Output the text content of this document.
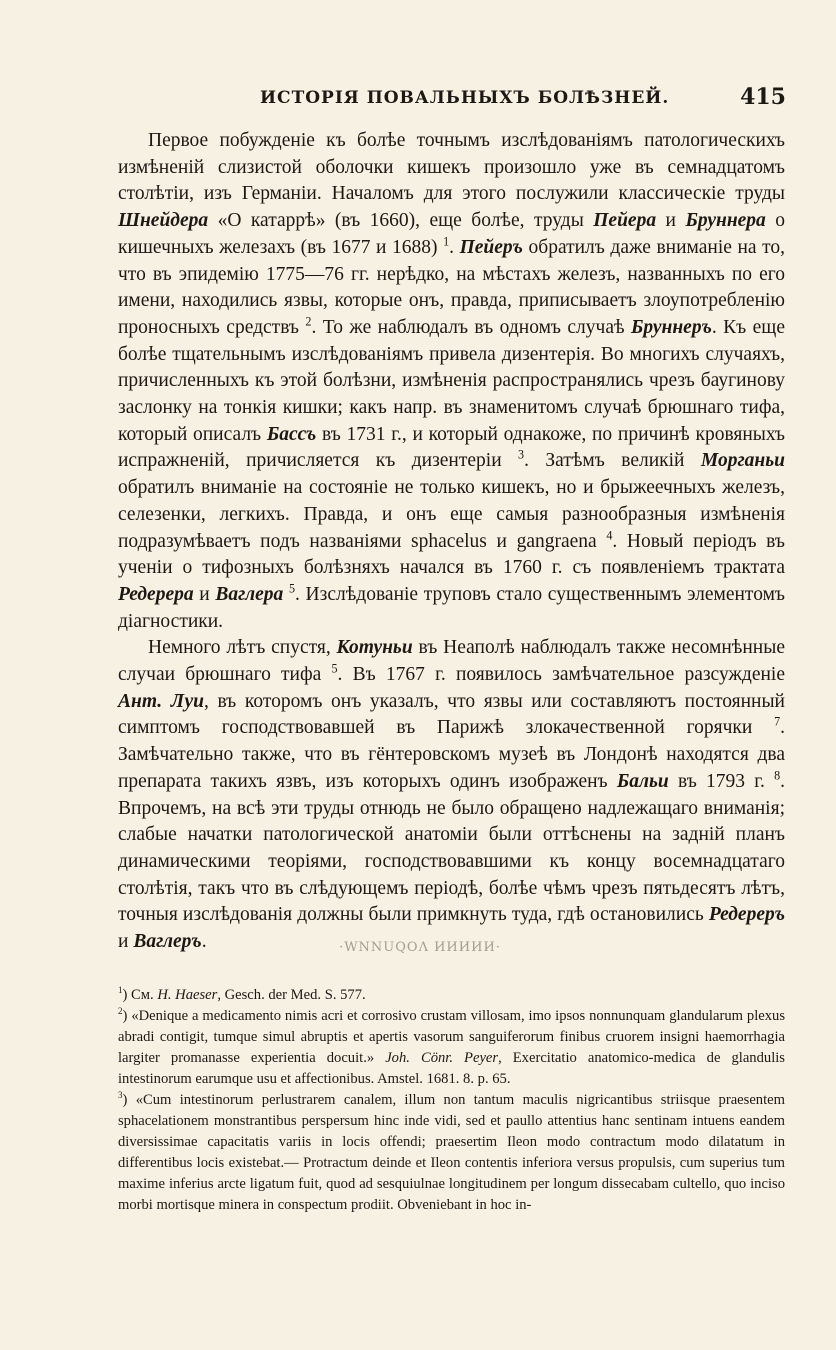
ИСТОРІЯ ПОВАЛЬНЫХЪ БОЛѢЗНЕЙ.	415

Первое побужденіе къ болѣе точнымъ изслѣдованіямъ патологическихъ измѣненій слизистой оболочки кишекъ произошло уже въ семнадцатомъ столѣтіи, изъ Германіи. Началомъ для этого послужили классическіе труды Шнейдера «О катаррѣ» (въ 1660), еще болѣе, труды Пейера и Бруннера о кишечныхъ железахъ (въ 1677 и 1688) $^1$. Пейеръ обратилъ даже вниманіе на то, что въ эпидемію 1775—76 гг. нерѣдко, на мѣстахъ железъ, названныхъ по его имени, находились язвы, которые онъ, правда, приписываетъ злоупотребленію проносныхъ средствъ $^2$. То же наблюдалъ въ одномъ случаѣ Бруннеръ. Къ еще болѣе тщательнымъ изслѣдованіямъ привела дизентерія. Во многихъ случаяхъ, причисленныхъ къ этой болѣзни, измѣненія распространялись чрезъ баугинову заслонку на тонкія кишки; какъ напр. въ знаменитомъ случаѣ брюшнаго тифа, который описалъ Бассъ въ 1731 г., и который однакоже, по причинѣ кровяныхъ испражненій, причисляется къ дизентеріи $^3$. Затѣмъ великій Морганьи обратилъ вниманіе на состояніе не только кишекъ, но и брыжеечныхъ железъ, селезенки, легкихъ. Правда, и онъ еще самыя разнообразныя измѣненія подразумѣваетъ подъ названіями sphacelus и gangraena $^4$. Новый періодъ въ ученіи о тифозныхъ болѣзняхъ начался въ 1760 г. съ появленіемъ трактата Редерера и Ваглера $^5$. Изслѣдованіе труповъ стало существеннымъ элементомъ діагностики.

Немного лѣтъ спустя, Котуньи въ Неаполѣ наблюдалъ также несомнѣнные случаи брюшнаго тифа $^5$. Въ 1767 г. появилось замѣчательное разсужденіе Ант. Луи, въ которомъ онъ указалъ, что язвы или составляютъ постоянный симптомъ господствовавшей въ Парижѣ злокачественной горячки $^7$. Замѣчательно также, что въ гёнтеровскомъ музеѣ въ Лондонѣ находятся два препарата такихъ язвъ, изъ которыхъ одинъ изображенъ Бальи въ 1793 г. $^8$. Впрочемъ, на всѣ эти труды отнюдь не было обращено надлежащаго вниманія; слабые начатки патологической анатоміи были оттѣснены на задній планъ динамическими теоріями, господствовавшими къ концу восемнадцатаго столѣтія, такъ что въ слѣдующемъ періодѣ, болѣе чѣмъ чрезъ пятьдесятъ лѣтъ, точныя изслѣдованія должны были примкнуть туда, гдѣ остановились Редереръ и Ваглеръ.	·WNNUQOɅ ИИИИИ·

$^1$) Cм. H. Haeser, Gesch. der Med. S. 577.

$^2$) «Denique a medicamento nimis acri et corrosivo crustam villosam, imo ipsos nonnunquam glandularum plexus abradi contigit, tumque simul abruptis et apertis vasorum sanguiferorum finibus cruorem insigni haemorrhagia largiter promanasse experientia docuit.» Joh. Cönr. Peyer, Exercitatio anatomico-medica de glandulis intestinorum earumque usu et affectionibus. Amstel. 1681. 8. p. 65.

$^3$) «Cum intestinorum perlustrarem canalem, illum non tantum maculis nigricantibus striisque praesentem sphacelationem monstrantibus perspersum hinc inde vidi, sed et paullo attentius hanc sentinam intuens eandem diversissimae capacitatis variis in locis offendi; praesertim Ileon modo contractum modo dilatatum in differentibus locis existebat.— Protractum deinde et Ileon contentis inferiora versus propulsis, cum superius tum maxime inferius arcte ligatum fuit, quod ad sesquiulnae longitudinem per longum dissecabam cultello, quo inciso morbi mortisque minera in conspectum prodiit. Obveniebant in hoc in-
